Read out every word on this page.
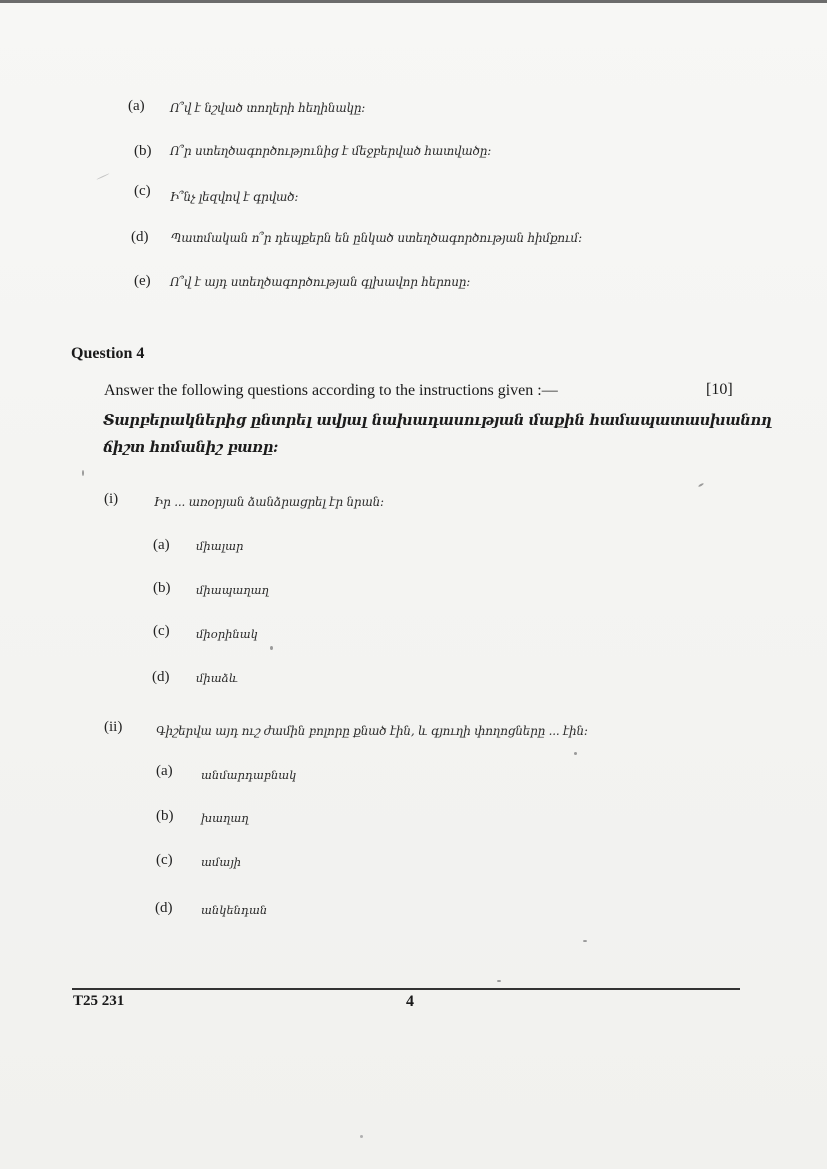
(a) Ո՞վ է նշված տողերի հեղինակը:
(b) Ո՞ր ստեղծագործությունից է մեջբերված հատվածը:
(c) Ի՞նչ լեզվով է գրված:
(d) Պատմական ո՞ր դեպքերն են ընկած ստեղծագործության հիմքում:
(e) Ո՞վ է այդ ստեղծագործության գլխավոր հերոսը:
Question 4
Answer the following questions according to the instructions given :—	[10]
Տարբերակներից ընտրել ավյալ նախադասության մաքին համապատասխանող
ճիշտ հոմանիշ բառը:
(i)	Իր ... առօրյան ձանձրացրել էր նրան:
(a) միալար
(b) միապաղաղ
(c) միօրինակ
(d) միաձև
(ii)	Գիշերվա այդ ուշ ժամին բոլորը քնած էին, և գյուղի փողոցները ... էին:
(a) անմարդաբնակ
(b) խաղաղ
(c) ամայի
(d) անկենդան
T25 231	4
